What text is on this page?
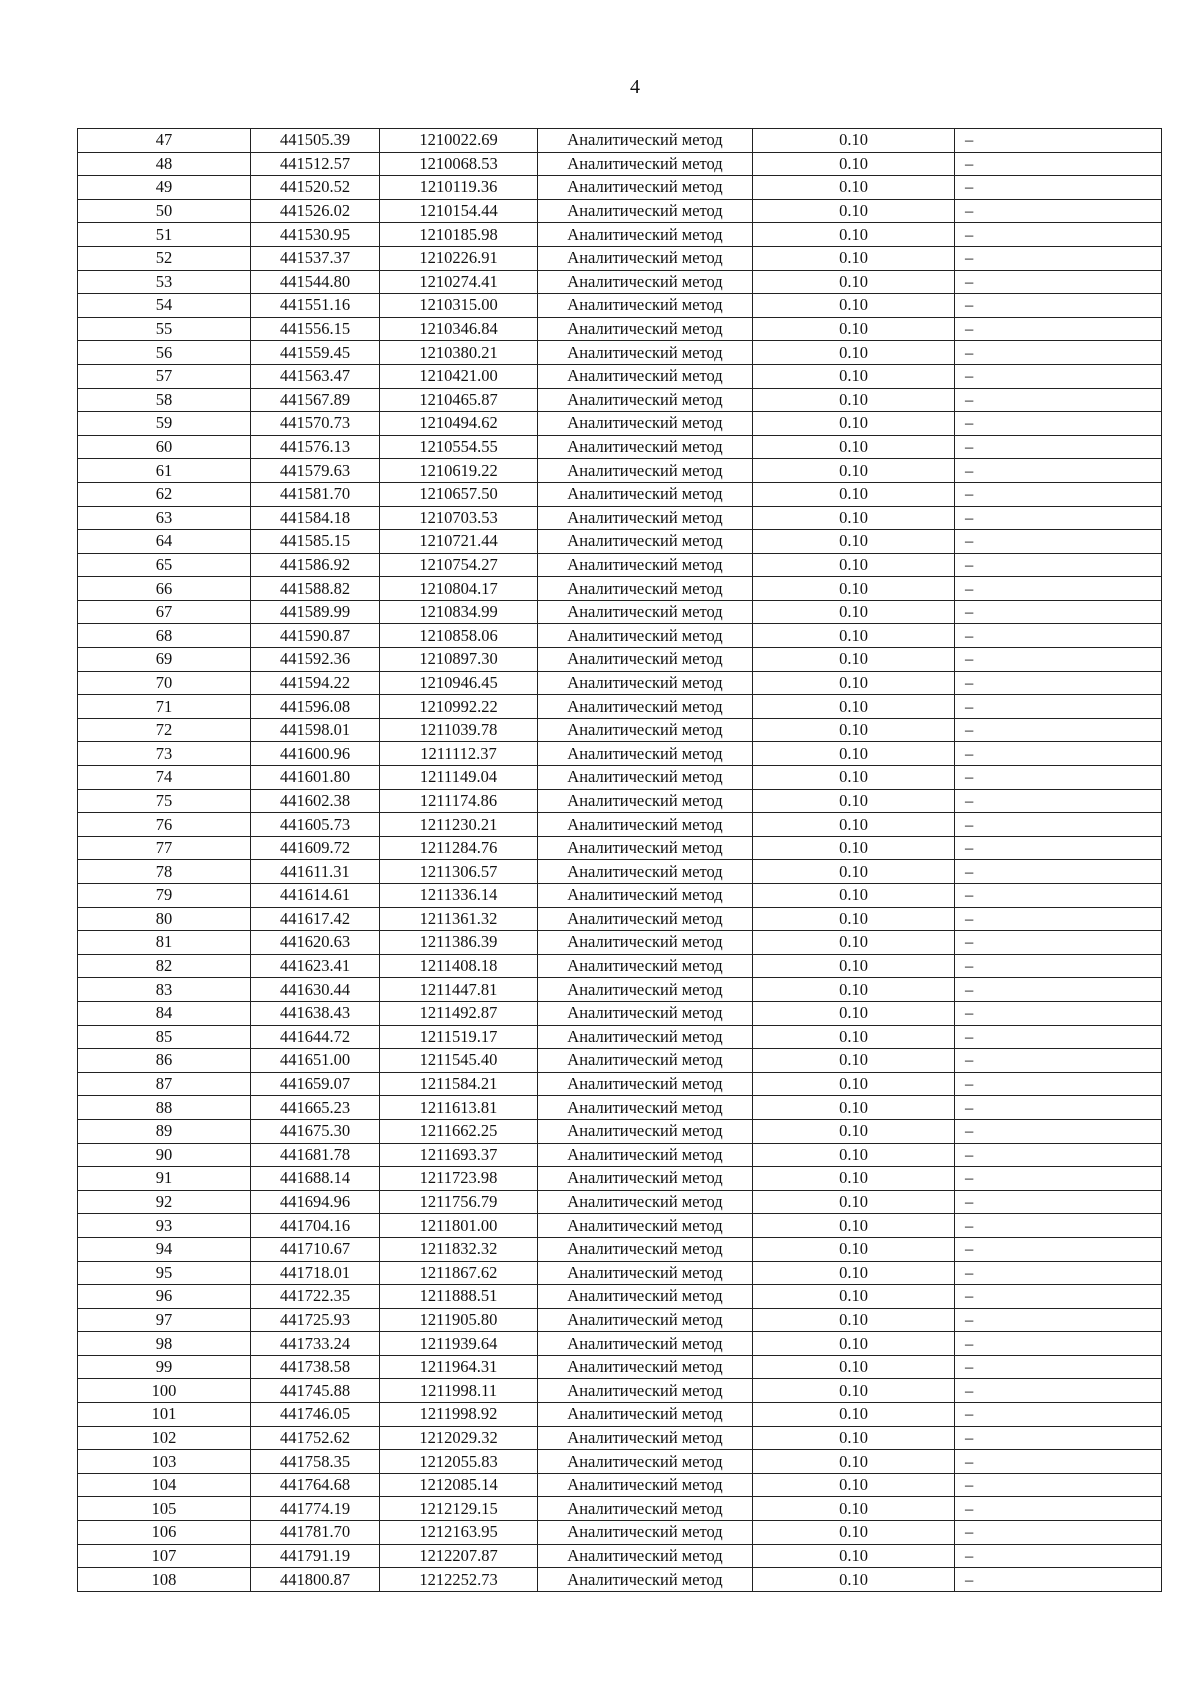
4
47	441505.39	1210022.69	Аналитический метод	0.10	–
48	441512.57	1210068.53	Аналитический метод	0.10	–
49	441520.52	1210119.36	Аналитический метод	0.10	–
50	441526.02	1210154.44	Аналитический метод	0.10	–
51	441530.95	1210185.98	Аналитический метод	0.10	–
52	441537.37	1210226.91	Аналитический метод	0.10	–
53	441544.80	1210274.41	Аналитический метод	0.10	–
54	441551.16	1210315.00	Аналитический метод	0.10	–
55	441556.15	1210346.84	Аналитический метод	0.10	–
56	441559.45	1210380.21	Аналитический метод	0.10	–
57	441563.47	1210421.00	Аналитический метод	0.10	–
58	441567.89	1210465.87	Аналитический метод	0.10	–
59	441570.73	1210494.62	Аналитический метод	0.10	–
60	441576.13	1210554.55	Аналитический метод	0.10	–
61	441579.63	1210619.22	Аналитический метод	0.10	–
62	441581.70	1210657.50	Аналитический метод	0.10	–
63	441584.18	1210703.53	Аналитический метод	0.10	–
64	441585.15	1210721.44	Аналитический метод	0.10	–
65	441586.92	1210754.27	Аналитический метод	0.10	–
66	441588.82	1210804.17	Аналитический метод	0.10	–
67	441589.99	1210834.99	Аналитический метод	0.10	–
68	441590.87	1210858.06	Аналитический метод	0.10	–
69	441592.36	1210897.30	Аналитический метод	0.10	–
70	441594.22	1210946.45	Аналитический метод	0.10	–
71	441596.08	1210992.22	Аналитический метод	0.10	–
72	441598.01	1211039.78	Аналитический метод	0.10	–
73	441600.96	1211112.37	Аналитический метод	0.10	–
74	441601.80	1211149.04	Аналитический метод	0.10	–
75	441602.38	1211174.86	Аналитический метод	0.10	–
76	441605.73	1211230.21	Аналитический метод	0.10	–
77	441609.72	1211284.76	Аналитический метод	0.10	–
78	441611.31	1211306.57	Аналитический метод	0.10	–
79	441614.61	1211336.14	Аналитический метод	0.10	–
80	441617.42	1211361.32	Аналитический метод	0.10	–
81	441620.63	1211386.39	Аналитический метод	0.10	–
82	441623.41	1211408.18	Аналитический метод	0.10	–
83	441630.44	1211447.81	Аналитический метод	0.10	–
84	441638.43	1211492.87	Аналитический метод	0.10	–
85	441644.72	1211519.17	Аналитический метод	0.10	–
86	441651.00	1211545.40	Аналитический метод	0.10	–
87	441659.07	1211584.21	Аналитический метод	0.10	–
88	441665.23	1211613.81	Аналитический метод	0.10	–
89	441675.30	1211662.25	Аналитический метод	0.10	–
90	441681.78	1211693.37	Аналитический метод	0.10	–
91	441688.14	1211723.98	Аналитический метод	0.10	–
92	441694.96	1211756.79	Аналитический метод	0.10	–
93	441704.16	1211801.00	Аналитический метод	0.10	–
94	441710.67	1211832.32	Аналитический метод	0.10	–
95	441718.01	1211867.62	Аналитический метод	0.10	–
96	441722.35	1211888.51	Аналитический метод	0.10	–
97	441725.93	1211905.80	Аналитический метод	0.10	–
98	441733.24	1211939.64	Аналитический метод	0.10	–
99	441738.58	1211964.31	Аналитический метод	0.10	–
100	441745.88	1211998.11	Аналитический метод	0.10	–
101	441746.05	1211998.92	Аналитический метод	0.10	–
102	441752.62	1212029.32	Аналитический метод	0.10	–
103	441758.35	1212055.83	Аналитический метод	0.10	–
104	441764.68	1212085.14	Аналитический метод	0.10	–
105	441774.19	1212129.15	Аналитический метод	0.10	–
106	441781.70	1212163.95	Аналитический метод	0.10	–
107	441791.19	1212207.87	Аналитический метод	0.10	–
108	441800.87	1212252.73	Аналитический метод	0.10	–
